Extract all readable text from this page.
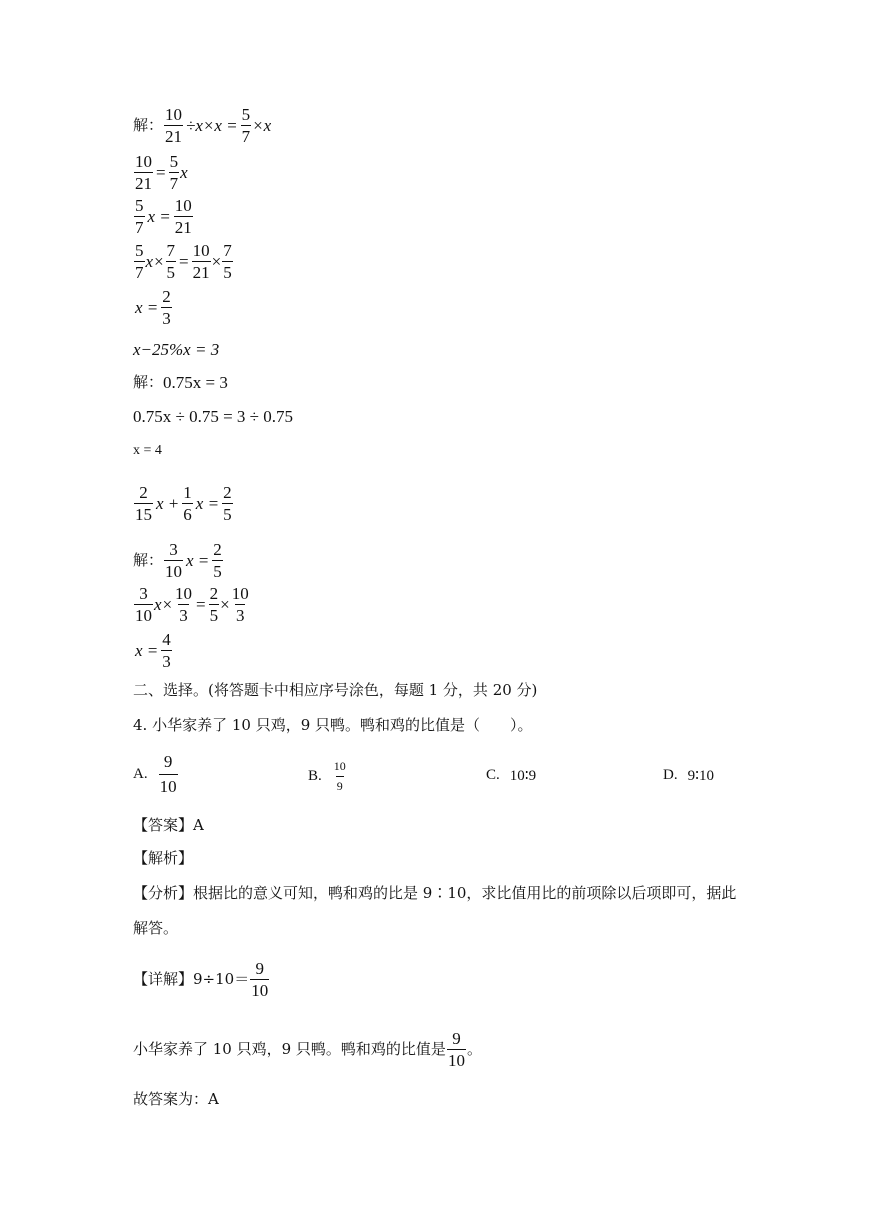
解： $\frac{10}{21} \div x\times x = \frac{5}{7} \times x$
$\frac{10}{21} = \frac{5}{7}$ x
$\frac{5}{7}$ $x = \frac{10}{21}$
$\frac{5}{7} x\times \frac{7}{5} = \frac{10}{21} \times \frac{7}{5}$
$x = \frac{2}{3}$
x−25%x = 3
解： 0.75x = 3
0.75x ÷ 0.75 = 3 ÷ 0.75
x = 4
$\frac{2}{15}$ $x + \frac{1}{6}$ $x = \frac{2}{5}$
解： $\frac{3}{10}$ $x = \frac{2}{5}$
$\frac{3}{10} x\times \frac{10}{3} = \frac{2}{5} \times \frac{10}{3}$
$x = \frac{4}{3}$
二、选择。(将答题卡中相应序号涂色，每题 1 分，共 20 分)
4. 小华家养了 10 只鸡，9 只鸭。鸭和鸡的比值是（　　）。
A. $\frac{9}{10}$	B. $\frac{10}{9}$	C. 10∶9	D. 9∶10
【答案】A
【解析】
【分析】根据比的意义可知，鸭和鸡的比是 9∶10，求比值用比的前项除以后项即可，据此
解答。
【详解】$9\div 10= \frac{9}{10}$
小华家养了 10 只鸡，9 只鸭。鸭和鸡的比值是 $\frac{9}{10}$ 。
故答案为：A
